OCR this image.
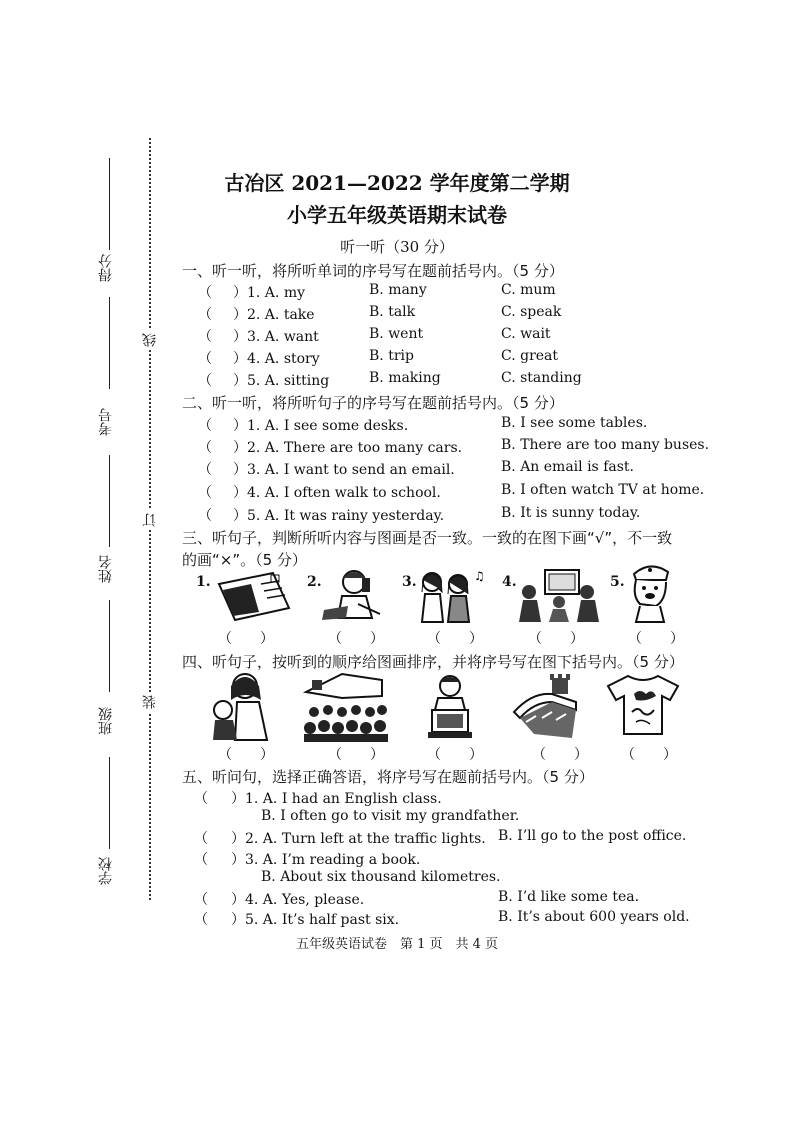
得分
考号
姓名
班级
学校
线
订
装
古冶区 2021—2022 学年度第二学期
小学五年级英语期末试卷
听一听（30 分）
一、听一听，将所听单词的序号写在题前括号内。（5 分）
（ ）1. A. my	B. many	C. mum
（ ）2. A. take	B. talk	C. speak
（ ）3. A. want	B. went	C. wait
（ ）4. A. story	B. trip	C. great
（ ）5. A. sitting	B. making	C. standing
二、听一听，将所听句子的序号写在题前括号内。（5 分）
（ ）1. A. I see some desks.	B. I see some tables.
（ ）2. A. There are too many cars.	B. There are too many buses.
（ ）3. A. I want to send an email.	B. An email is fast.
（ ）4. A. I often walk to school.	B. I often watch TV at home.
（ ）5. A. It was rainy yesterday.	B. It is sunny today.
三、听句子，判断所听内容与图画是否一致。一致的在图下画“√”，不一致
的画“×”。（5 分）
1.	2.	3.	♫ 4.	5.
（　　）	（　　）	（　　）	（　　）	（　　）
四、听句子，按听到的顺序给图画排序，并将序号写在图下括号内。（5 分）
（　　）	（　　）	（　　）	（　　） （　　）
五、听问句，选择正确答语，将序号写在题前括号内。（5 分）
（ ）1. A. I had an English class.
B. I often go to visit my grandfather.
（ ）2. A. Turn left at the traffic lights. B. I’ll go to the post office.
（ ）3. A. I’m reading a book.
B. About six thousand kilometres.
（ ）4. A. Yes, please.	B. I’d like some tea.
（ ）5. A. It’s half past six.	B. It’s about 600 years old.
五年级英语试卷　第 1 页　共 4 页
